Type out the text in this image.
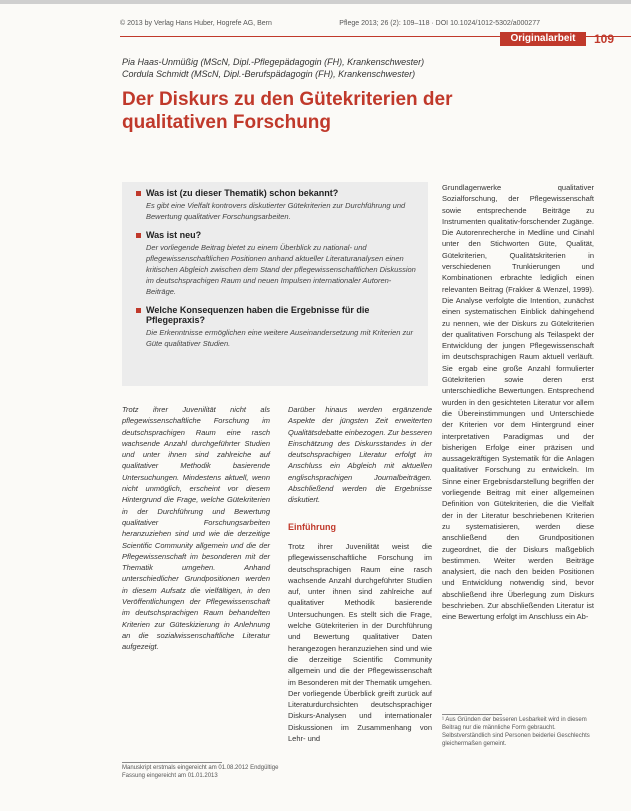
© 2013 by Verlag Hans Huber, Hogrefe AG, Bern	Pflege 2013; 26 (2): 109–118 · DOI 10.1024/1012-5302/a000277
Originalarbeit	109
Pia Haas-Unmüßig (MScN, Dipl.-Pflegepädagogin (FH), Krankenschwester)
Cordula Schmidt (MScN, Dipl.-Berufspädagogin (FH), Krankenschwester)
Der Diskurs zu den Gütekriterien der
qualitativen Forschung
Was ist (zu dieser Thematik) schon bekannt?
Es gibt eine Vielfalt kontrovers diskutierter Gütekriterien zur Durchführung und Bewertung qualitativer Forschungsarbeiten.
Was ist neu?
Der vorliegende Beitrag bietet zu einem Überblick zu national- und pflegewissenschaftlichen Positionen anhand aktueller Literaturanalysen einen kritischen Abgleich zwischen dem Stand der pflegewissenschaftlichen Diskussion im deutschsprachigen Raum und neuen Impulsen internationaler Autoren-Beiträge.
Welche Konsequenzen haben die Ergebnisse für die Pflegepraxis?
Die Erkenntnisse ermöglichen eine weitere Auseinandersetzung mit Kriterien zur Güte qualitativer Studien.
Trotz ihrer Juvenilität nicht als pflegewissenschaftliche Forschung im deutschsprachigen Raum eine rasch wachsende Anzahl durchgeführter Studien und unter ihnen sind zahlreiche auf qualitativer Methodik basierende Untersuchungen. Mindestens aktuell, wenn nicht unmöglich, erscheint vor diesem Hintergrund die Frage, welche Gütekriterien in der Durchführung und Bewertung qualitativer Forschungsarbeiten heranzuziehen sind und wie die derzeitige Scientific Community allgemein und die der Pflegewissenschaft im besonderen mit der Thematik umgehen. Anhand unterschiedlicher Grundpositionen werden in diesem Aufsatz die vielfältigen, in den Veröffentlichungen der Pflegewissenschaft im deutschsprachigen Raum behandelten Kriterien zur Güteskizierung in Anlehnung an die sozialwissenschaftliche Literatur aufgezeigt.
Darüber hinaus werden ergänzende Aspekte der jüngsten Zeit erweiterten Qualitätsdebatte einbezogen. Zur besseren Einschätzung des Diskursstandes in der deutschsprachigen Literatur erfolgt im Anschluss ein Abgleich mit aktuellen englischsprachigen Journalbeiträgen. Abschließend werden die Ergebnisse diskutiert.
Einführung
Trotz ihrer Juvenilität weist die pflegewissenschaftliche Forschung im deutschsprachigen Raum eine rasch wachsende Anzahl durchgeführter Studien auf, unter ihnen sind zahlreiche auf qualitativer Methodik basierende Untersuchungen. Es stellt sich die Frage, welche Gütekriterien in der Durchführung und Bewertung qualitativer Daten herangezogen heranzuziehen sind und wie die derzeitige Scientific Community allgemein und die der Pflegewissenschaft im Besonderen mit der Thematik umgehen. Der vorliegende Überblick greift zurück auf Literaturdurchsichten deutschsprachiger Diskurs-Analysen und internationaler Diskussionen im Zusammenhang von Lehr- und
Grundlagenwerke qualitativer Sozialforschung, der Pflegewissenschaft sowie entsprechende Beiträge zu Instrumenten qualitativ-forschender Zugänge. Die Autorenrecherche in Medline und Cinahl unter den Stichworten Güte, Qualität, Gütekriterien, Qualitätskriterien in verschiedenen Trunkierungen und Kombinationen erbrachte lediglich einen relevanten Beitrag (Frakker & Wenzel, 1999). Die Analyse verfolgte die Intention, zunächst einen systematischen Einblick dahingehend zu nennen, wie der Diskurs zu Gütekriterien der qualitativen Forschung als Teilaspekt der Entwicklung der jungen Pflegewissenschaft im deutschsprachigen Raum aktuell verläuft. Sie ergab eine große Anzahl formulierter Gütekriterien sowie deren erst unterschiedliche Bewertungen. Entsprechend wurden in den gesichteten Literatur vor allem die Übereinstimmungen und Unterschiede der Kriterien vor dem Hintergrund einer interpretativen Paradigmas und der bisherigen Erfolge einer präzisen und aussagekräftigen Systematik für die Anlagen qualitativer Forschung zu entwickeln. Im Sinne einer Ergebnisdarstellung begriffen der vorliegende Beitrag mit einer allgemeinen Definition von Gütekriterien, die die Vielfalt der in der Literatur beschriebenen Kriterien zu systematisieren, werden diese anschließend den Grundpositionen zugeordnet, die der Diskurs maßgeblich bestimmen. Weiter werden Beiträge analysiert, die nach den beiden Positionen und Entwicklung notwendig sind, bevor abschließend ihre Überlegung zum Diskurs beschrieben. Zur abschließenden Literatur ist eine Bewertung erfolgt im Anschluss ein Ab-
Manuskript erstmals eingereicht am 01.08.2012 Endgültige Fassung eingereicht am 01.01.2013
¹ Aus Gründen der besseren Lesbarkeit wird in diesem Beitrag nur die männliche Form gebraucht. Selbstverständlich sind Personen beiderlei Geschlechts gleichermaßen gemeint.
